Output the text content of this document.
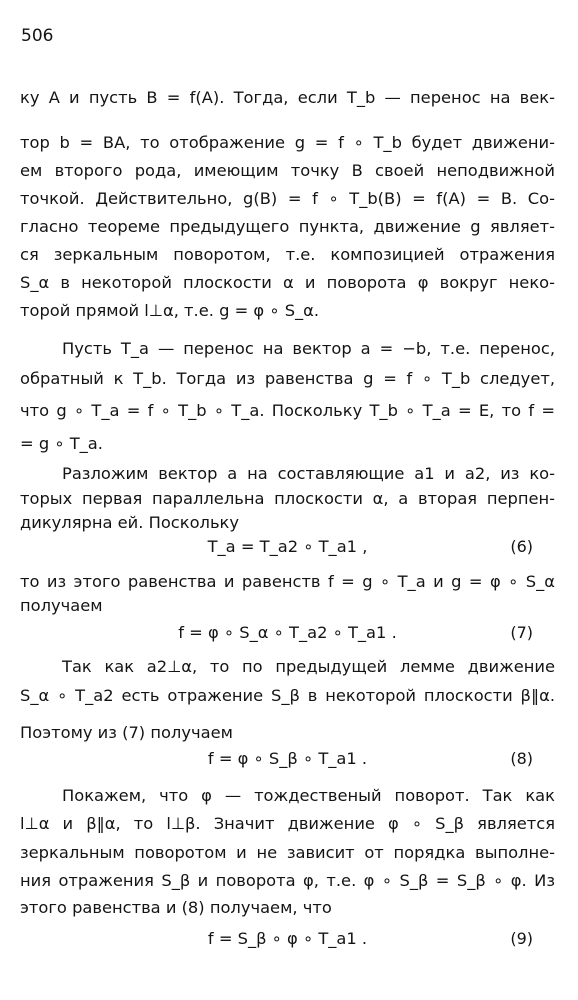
506
ку A и пусть B = f(A). Тогда, если T_b — перенос на век-
тор b = BA, то отображение g = f ∘ T_b будет движени-
ем второго рода, имеющим точку B своей неподвижной
точкой. Действительно, g(B) = f ∘ T_b(B) = f(A) = B. Со-
гласно теореме предыдущего пункта, движение g являет-
ся зеркальным поворотом, т.е. композицией отражения
S_α в некоторой плоскости α и поворота φ вокруг неко-
торой прямой l⊥α, т.е. g = φ ∘ S_α.
Пусть T_a — перенос на вектор a = −b, т.е. перенос,
обратный к T_b. Тогда из равенства g = f ∘ T_b следует,
что g ∘ T_a = f ∘ T_b ∘ T_a. Поскольку T_b ∘ T_a = E, то f =
= g ∘ T_a.
Разложим вектор a на составляющие a1 и a2, из ко-
торых первая параллельна плоскости α, а вторая перпен-
дикулярна ей. Поскольку
T_a = T_a2 ∘ T_a1 ,	(6)
то из этого равенства и равенств f = g ∘ T_a и g = φ ∘ S_α
получаем
f = φ ∘ S_α ∘ T_a2 ∘ T_a1 .	(7)
Так как a2⊥α, то по предыдущей лемме движение
S_α ∘ T_a2 есть отражение S_β в некоторой плоскости β‖α.
Поэтому из (7) получаем
f = φ ∘ S_β ∘ T_a1 .	(8)
Покажем, что φ — тождественый поворот. Так как
l⊥α и β‖α, то l⊥β. Значит движение φ ∘ S_β является
зеркальным поворотом и не зависит от порядка выполне-
ния отражения S_β и поворота φ, т.е. φ ∘ S_β = S_β ∘ φ. Из
этого равенства и (8) получаем, что
f = S_β ∘ φ ∘ T_a1 .	(9)
